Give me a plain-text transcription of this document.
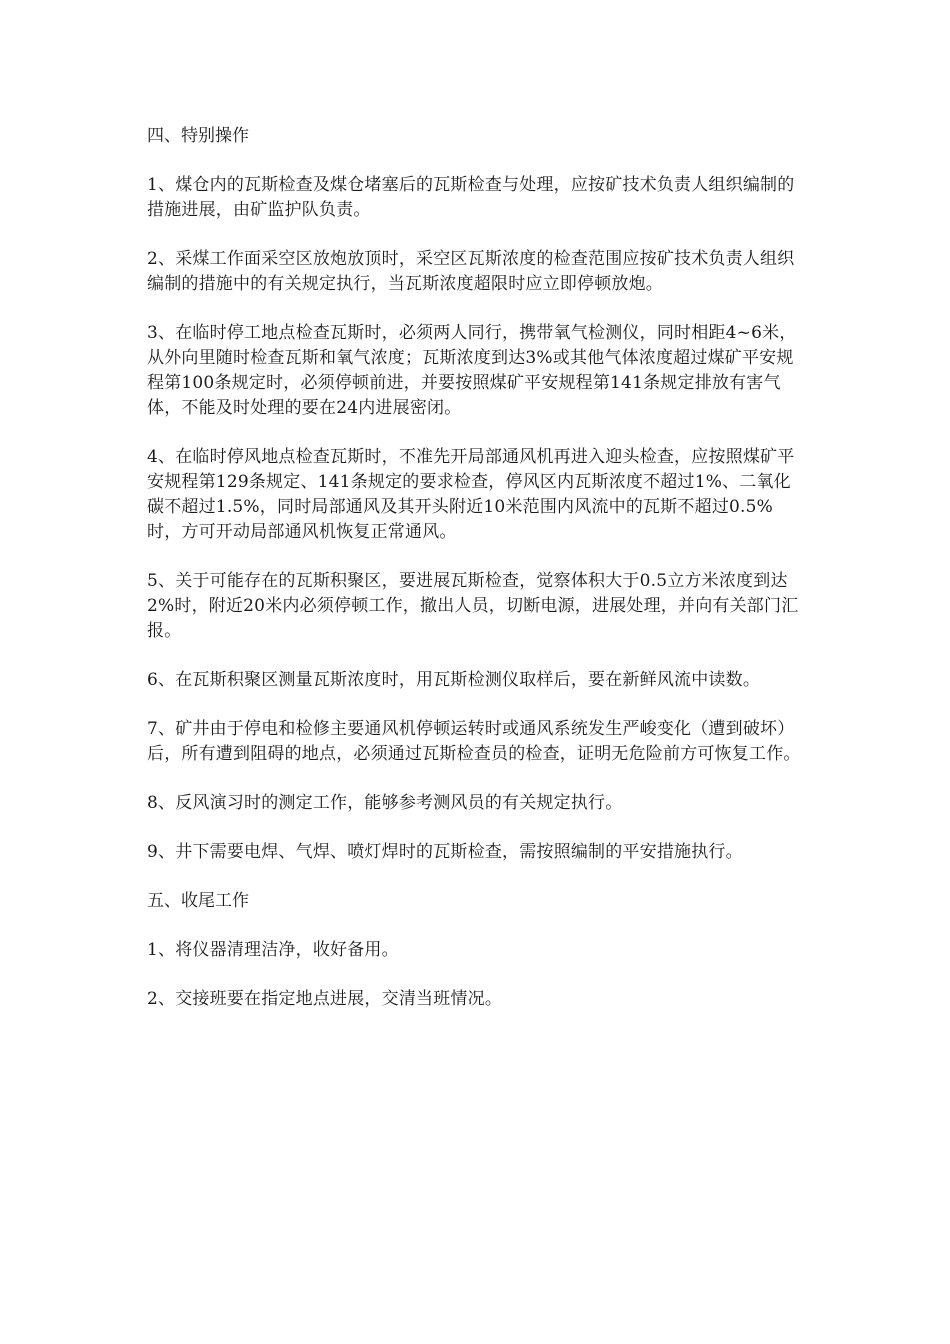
四、特别操作

1、煤仓内的瓦斯检查及煤仓堵塞后的瓦斯检查与处理，应按矿技术负责人组织编制的措施进展，由矿监护队负责。

2、采煤工作面采空区放炮放顶时，采空区瓦斯浓度的检查范围应按矿技术负责人组织编制的措施中的有关规定执行，当瓦斯浓度超限时应立即停顿放炮。

3、在临时停工地点检查瓦斯时，必须两人同行，携带氧气检测仪，同时相距4~6米，从外向里随时检查瓦斯和氧气浓度；瓦斯浓度到达3%或其他气体浓度超过煤矿平安规程第100条规定时，必须停顿前进，并要按照煤矿平安规程第141条规定排放有害气体，不能及时处理的要在24内进展密闭。

4、在临时停风地点检查瓦斯时，不准先开局部通风机再进入迎头检查，应按照煤矿平安规程第129条规定、141条规定的要求检查，停风区内瓦斯浓度不超过1%、二氧化碳不超过1.5%，同时局部通风及其开头附近10米范围内风流中的瓦斯不超过0.5%时，方可开动局部通风机恢复正常通风。

5、关于可能存在的瓦斯积聚区，要进展瓦斯检查，觉察体积大于0.5立方米浓度到达2%时，附近20米内必须停顿工作，撤出人员，切断电源，进展处理，并向有关部门汇报。

6、在瓦斯积聚区测量瓦斯浓度时，用瓦斯检测仪取样后，要在新鲜风流中读数。

7、矿井由于停电和检修主要通风机停顿运转时或通风系统发生严峻变化（遭到破坏）后，所有遭到阻碍的地点，必须通过瓦斯检查员的检查，证明无危险前方可恢复工作。

8、反风演习时的测定工作，能够参考测风员的有关规定执行。

9、井下需要电焊、气焊、喷灯焊时的瓦斯检查，需按照编制的平安措施执行。

五、收尾工作

1、将仪器清理洁净，收好备用。

2、交接班要在指定地点进展，交清当班情况。
